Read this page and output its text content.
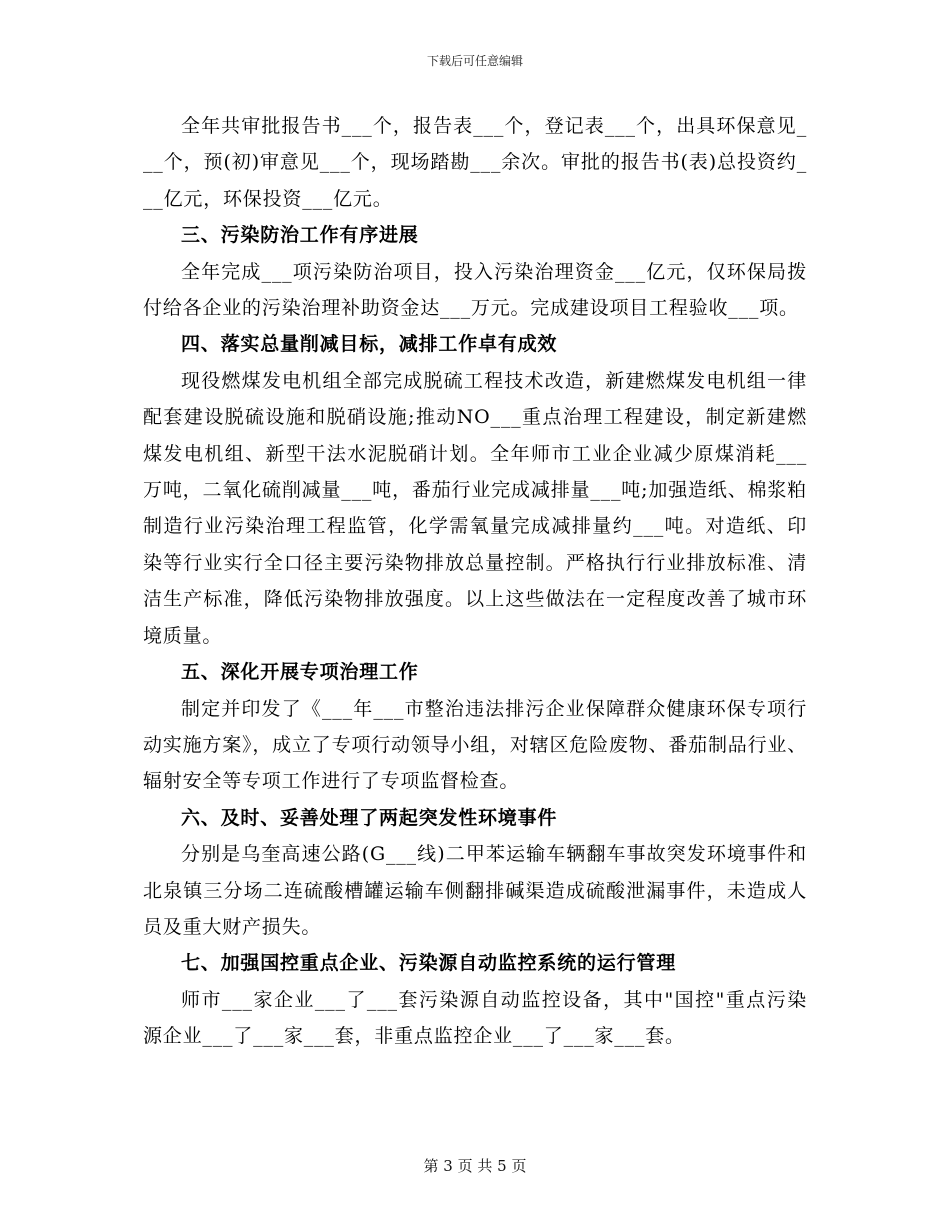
下载后可任意编辑

全年共审批报告书___个，报告表___个，登记表___个，出具环保意见___个，预(初)审意见___个，现场踏勘___余次。审批的报告书(表)总投资约___亿元，环保投资___亿元。

三、污染防治工作有序进展

全年完成___项污染防治项目，投入污染治理资金___亿元，仅环保局拨付给各企业的污染治理补助资金达___万元。完成建设项目工程验收___项。

四、落实总量削减目标，减排工作卓有成效

现役燃煤发电机组全部完成脱硫工程技术改造，新建燃煤发电机组一律配套建设脱硫设施和脱硝设施;推动NO___重点治理工程建设，制定新建燃煤发电机组、新型干法水泥脱硝计划。全年师市工业企业减少原煤消耗___万吨，二氧化硫削减量___吨，番茄行业完成减排量___吨;加强造纸、棉浆粕制造行业污染治理工程监管，化学需氧量完成减排量约___吨。对造纸、印染等行业实行全口径主要污染物排放总量控制。严格执行行业排放标准、清洁生产标准，降低污染物排放强度。以上这些做法在一定程度改善了城市环境质量。

五、深化开展专项治理工作

制定并印发了《___年___市整治违法排污企业保障群众健康环保专项行动实施方案》，成立了专项行动领导小组，对辖区危险废物、番茄制品行业、辐射安全等专项工作进行了专项监督检查。

六、及时、妥善处理了两起突发性环境事件

分别是乌奎高速公路(G___线)二甲苯运输车辆翻车事故突发环境事件和北泉镇三分场二连硫酸槽罐运输车侧翻排碱渠造成硫酸泄漏事件，未造成人员及重大财产损失。

七、加强国控重点企业、污染源自动监控系统的运行管理

师市___家企业___了___套污染源自动监控设备，其中"国控"重点污染源企业___了___家___套，非重点监控企业___了___家___套。

第 3 页 共 5 页
